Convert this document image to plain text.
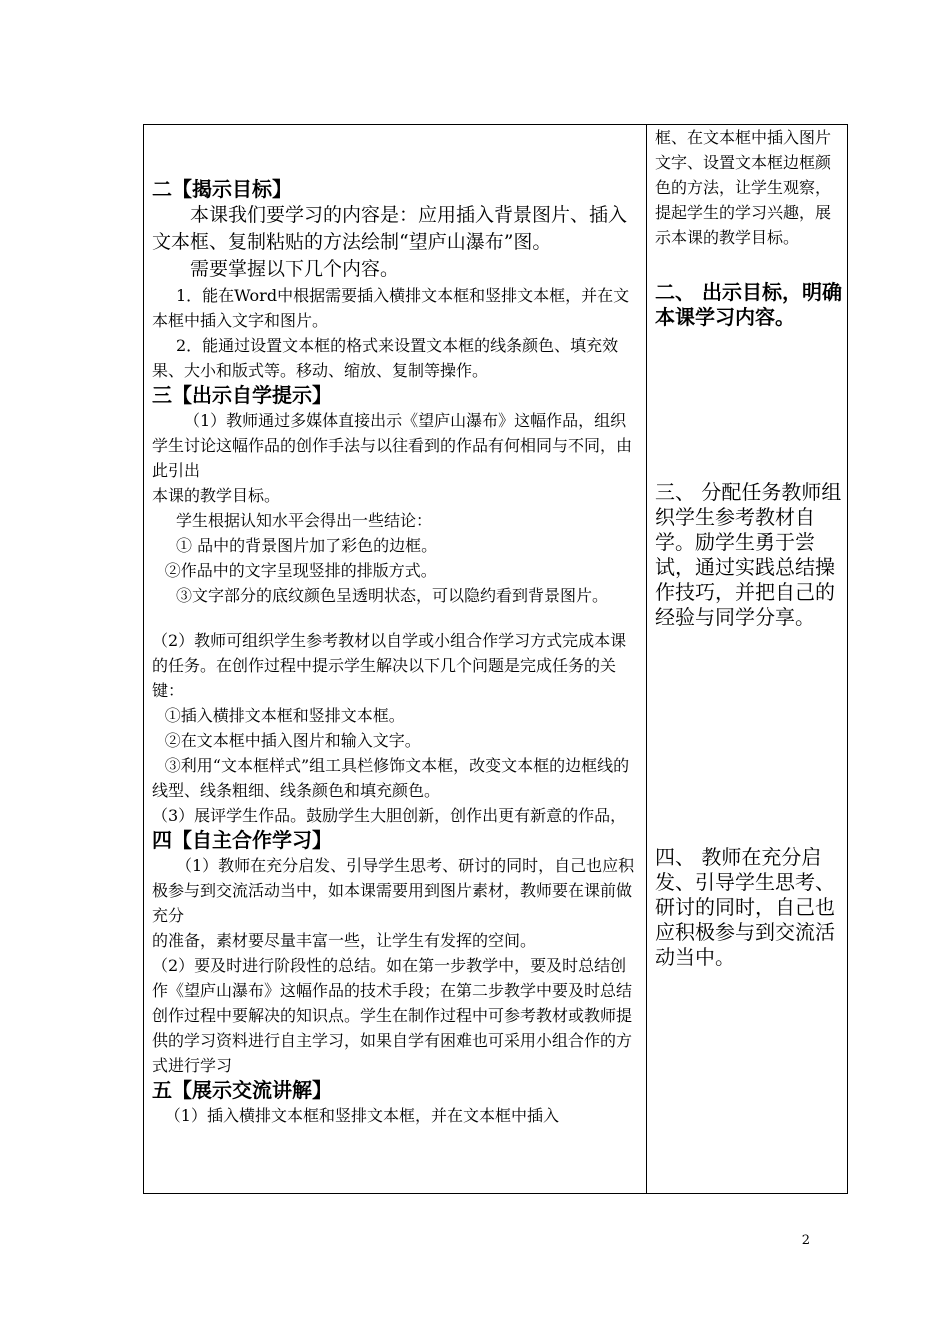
二【揭示目标】

本课我们要学习的内容是：应用插入背景图片、插入文本框、复制粘贴的方法绘制“望庐山瀑布”图。

需要掌握以下几个内容。

1．能在Word中根据需要插入横排文本框和竖排文本框，并在文本框中插入文字和图片。

2．能通过设置文本框的格式来设置文本框的线条颜色、填充效果、大小和版式等。移动、缩放、复制等操作。

三【出示自学提示】

（1）教师通过多媒体直接出示《望庐山瀑布》这幅作品，组织学生讨论这幅作品的创作手法与以往看到的作品有何相同与不同，由此引出

本课的教学目标。

学生根据认知水平会得出一些结论：

① 品中的背景图片加了彩色的边框。

②作品中的文字呈现竖排的排版方式。

③文字部分的底纹颜色呈透明状态，可以隐约看到背景图片。

（2）教师可组织学生参考教材以自学或小组合作学习方式完成本课的任务。在创作过程中提示学生解决以下几个问题是完成任务的关键：

①插入横排文本框和竖排文本框。

②在文本框中插入图片和输入文字。

③利用“文本框样式”组工具栏修饰文本框，改变文本框的边框线的线型、线条粗细、线条颜色和填充颜色。

（3）展评学生作品。鼓励学生大胆创新，创作出更有新意的作品，

四【自主合作学习】

（1）教师在充分启发、引导学生思考、研讨的同时，自己也应积极参与到交流活动当中，如本课需要用到图片素材，教师要在课前做充分

的准备，素材要尽量丰富一些，让学生有发挥的空间。

（2）要及时进行阶段性的总结。如在第一步教学中，要及时总结创作《望庐山瀑布》这幅作品的技术手段；在第二步教学中要及时总结创作过程中要解决的知识点。学生在制作过程中可参考教材或教师提供的学习资料进行自主学习，如果自学有困难也可采用小组合作的方式进行学习

五【展示交流讲解】

（1）插入横排文本框和竖排文本框，并在文本框中插入

框、在文本框中插入图片文字、设置文本框边框颜色的方法，让学生观察，提起学生的学习兴趣，展示本课的教学目标。

二、 出示目标，明确本课学习内容。

三、 分配任务教师组织学生参考教材自学。励学生勇于尝试，通过实践总结操作技巧，并把自己的经验与同学分享。

四、 教师在充分启发、引导学生思考、研讨的同时，自己也应积极参与到交流活动当中。

2
